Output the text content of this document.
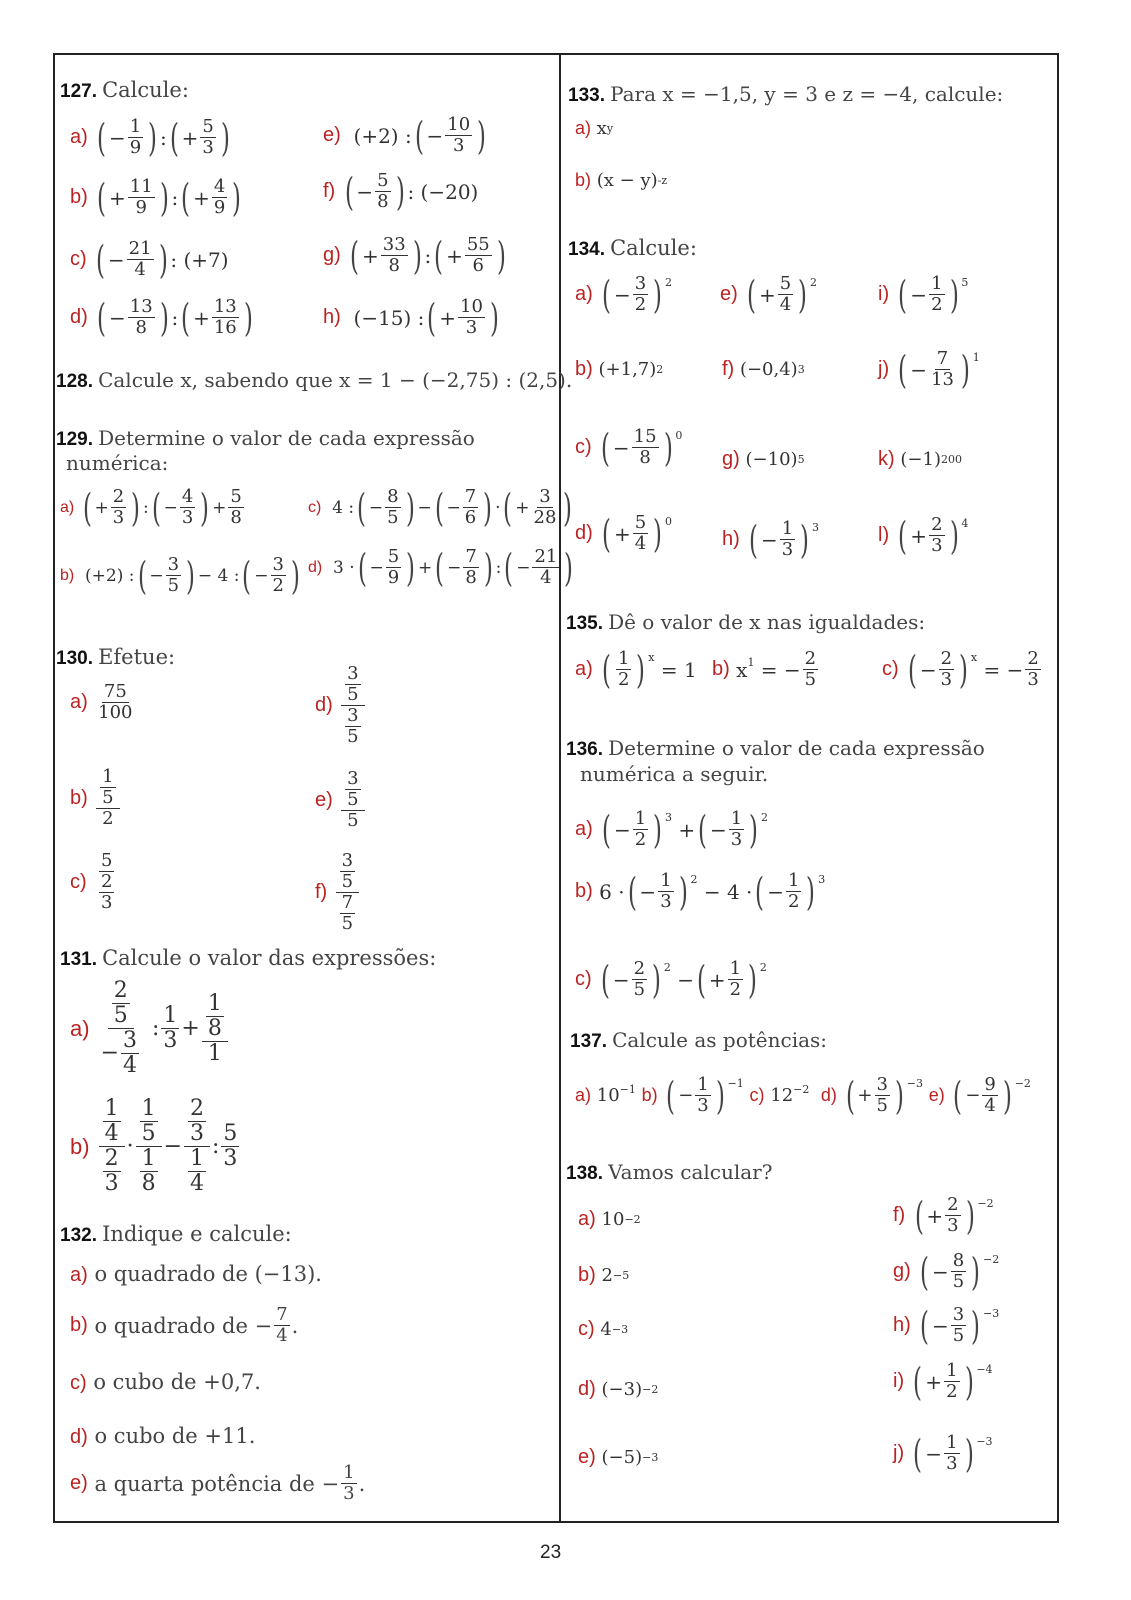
127. Calcule:
a)
( − $\frac{1}{9}$ ) : ( + $\frac{5}{3}$ )
b)
( + $\frac{11}{9}$ ) : ( + $\frac{4}{9}$ )
c)
( − $\frac{21}{4}$ ) : (+7)
d)
( − $\frac{13}{8}$ ) : ( + $\frac{13}{16}$ )
e) (+2) : ( − $\frac{10}{3}$ )
f)
( − $\frac{5}{8}$ ) : (−20)
g)
( + $\frac{33}{8}$ ) : ( + $\frac{55}{6}$ )
h) (−15) : ( + $\frac{10}{3}$ )
128. Calcule x, sabendo que x = 1 − (−2,75) : (2,5).
129. Determine o valor de cada expressão
numérica:
a)
( + $\frac{2}{3}$ ) : ( − $\frac{4}{3}$ ) + $\frac{5}{8}$
b) (+2) : ( − $\frac{3}{5}$ ) − 4 : ( − $\frac{3}{2}$ )
c) 4 : ( − $\frac{8}{5}$ ) − ( − $\frac{7}{6}$ ) · ( + $\frac{3}{28}$ )
d) 3 · ( − $\frac{5}{9}$ ) + ( − $\frac{7}{8}$ ) : ( − $\frac{21}{4}$ )
130. Efetue:
a)
$\frac{75}{100}$
b)
$\frac{\frac{1}{5}}{2}$
c)
$\frac{5}{\frac{2}{3}}$
d)
$\frac{\frac{3}{5}}{\frac{3}{5}}$
e)
$\frac{\frac{3}{5}}{5}$
f)
$\frac{\frac{3}{5}}{\frac{7}{5}}$
131. Calcule o valor das expressões:
a)
$\frac{\frac{2}{5}}{- \frac{3}{4}}$ : $\frac{1}{3} + \frac{1}{8}$
1

b)
$\frac{\frac{1}{4}}{\frac{2}{3}} \cdot \frac{\frac{1}{5}}{\frac{1}{8}} - \frac{\frac{2}{3}}{\frac{1}{4}}$ : $\frac{5}{3}$
132. Indique e calcule:
a) o quadrado de (−13).
b)
o quadrado de − $\frac{7}{4}$ .
c) o cubo de +0,7.
d) o cubo de +11.
e)
a quarta potência de − $\frac{1}{3}$ .
133. Para x = −1,5, y = 3 e z = −4, calcule:
a)
x y
b)
(x − y) -z
134. Calcule:
a)
( − $\frac{3}{2}$ ) $^2$
b) (+1,7) 2
c)
( − $\frac{15}{8}$ ) $^0$
d)
( + $\frac{5}{4}$ ) $^0$
e)
( + $\frac{5}{4}$ ) $^2$
f) (−0,4) 3
g) (−10) 5
h)
( − $\frac{1}{3}$ ) $^3$
i)
( − $\frac{1}{2}$ ) $^5$
j)
( − $\frac{7}{13}$ ) $^1$
k) (−1) 200
l)
( + $\frac{2}{3}$ ) $^4$
135. Dê o valor de x nas igualdades:
a)
( $\frac{1}{2}$ ) $^x$ = 1 b) $x^1$ = − $\frac{2}{5}$	c)
( − $\frac{2}{3}$ ) $^x$ = − $\frac{2}{3}$
136. Determine o valor de cada expressão
numérica a seguir.
a)
( − $\frac{1}{2}$ ) $^3$ + ( − $\frac{1}{3}$ ) $^2$
b) 6 · ( − $\frac{1}{3}$ ) $^2$ − 4 · ( − $\frac{1}{2}$ ) $^3$
c)
( − $\frac{2}{5}$ ) $^2$ − ( + $\frac{1}{2}$ ) $^2$
137. Calcule as potências:
a) $10^{-1}$
b)
( − $\frac{1}{3}$ ) $^{-1}$

c) $12^{-2}$
d)
( + $\frac{3}{5}$ ) $^{-3}$

e)
( − $\frac{9}{4}$ ) $^{-2}$
138. Vamos calcular?
a) 10 −2
b) 2 −5
c) 4 −3
d) (−3) −2
e) (−5) −3
f)
( + $\frac{2}{3}$ ) $^{-2}$
g)
( − $\frac{8}{5}$ ) $^{-2}$
h)
( − $\frac{3}{5}$ ) $^{-3}$
i)
( + $\frac{1}{2}$ ) $^{-4}$
j)
( − $\frac{1}{3}$ ) $^{-3}$
23
